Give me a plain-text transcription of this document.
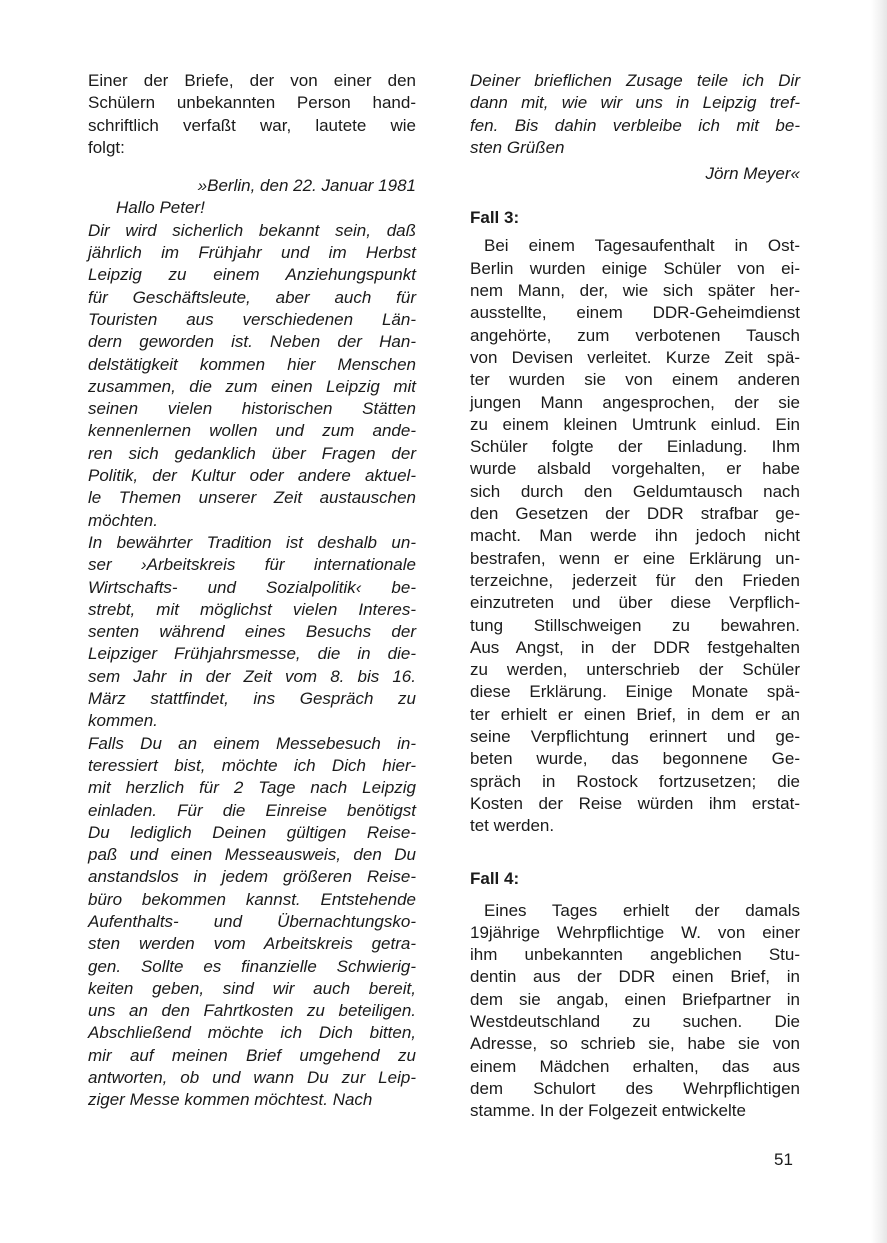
Einer der Briefe, der von einer den
Schülern unbekannten Person hand-
schriftlich verfaßt war, lautete wie
folgt:
»Berlin, den 22. Januar 1981
Hallo Peter!
Dir wird sicherlich bekannt sein, daß
jährlich im Frühjahr und im Herbst
Leipzig zu einem Anziehungspunkt
für Geschäftsleute, aber auch für
Touristen aus verschiedenen Län-
dern geworden ist. Neben der Han-
delstätigkeit kommen hier Menschen
zusammen, die zum einen Leipzig mit
seinen vielen historischen Stätten
kennenlernen wollen und zum ande-
ren sich gedanklich über Fragen der
Politik, der Kultur oder andere aktuel-
le Themen unserer Zeit austauschen
möchten.
In bewährter Tradition ist deshalb un-
ser ›Arbeitskreis für internationale
Wirtschafts- und Sozialpolitik‹ be-
strebt, mit möglichst vielen Interes-
senten während eines Besuchs der
Leipziger Frühjahrsmesse, die in die-
sem Jahr in der Zeit vom 8. bis 16.
März stattfindet, ins Gespräch zu
kommen.
Falls Du an einem Messebesuch in-
teressiert bist, möchte ich Dich hier-
mit herzlich für 2 Tage nach Leipzig
einladen. Für die Einreise benötigst
Du lediglich Deinen gültigen Reise-
paß und einen Messeausweis, den Du
anstandslos in jedem größeren Reise-
büro bekommen kannst. Entstehende
Aufenthalts- und Übernachtungsko-
sten werden vom Arbeitskreis getra-
gen. Sollte es finanzielle Schwierig-
keiten geben, sind wir auch bereit,
uns an den Fahrtkosten zu beteiligen.
Abschließend möchte ich Dich bitten,
mir auf meinen Brief umgehend zu
antworten, ob und wann Du zur Leip-
ziger Messe kommen möchtest. Nach
Deiner brieflichen Zusage teile ich Dir
dann mit, wie wir uns in Leipzig tref-
fen. Bis dahin verbleibe ich mit be-
sten Grüßen
Jörn Meyer«
Fall 3:
Bei einem Tagesaufenthalt in Ost-
Berlin wurden einige Schüler von ei-
nem Mann, der, wie sich später her-
ausstellte, einem DDR-Geheimdienst
angehörte, zum verbotenen Tausch
von Devisen verleitet. Kurze Zeit spä-
ter wurden sie von einem anderen
jungen Mann angesprochen, der sie
zu einem kleinen Umtrunk einlud. Ein
Schüler folgte der Einladung. Ihm
wurde alsbald vorgehalten, er habe
sich durch den Geldumtausch nach
den Gesetzen der DDR strafbar ge-
macht. Man werde ihn jedoch nicht
bestrafen, wenn er eine Erklärung un-
terzeichne, jederzeit für den Frieden
einzutreten und über diese Verpflich-
tung Stillschweigen zu bewahren.
Aus Angst, in der DDR festgehalten
zu werden, unterschrieb der Schüler
diese Erklärung. Einige Monate spä-
ter erhielt er einen Brief, in dem er an
seine Verpflichtung erinnert und ge-
beten wurde, das begonnene Ge-
spräch in Rostock fortzusetzen; die
Kosten der Reise würden ihm erstat-
tet werden.
Fall 4:
Eines Tages erhielt der damals
19jährige Wehrpflichtige W. von einer
ihm unbekannten angeblichen Stu-
dentin aus der DDR einen Brief, in
dem sie angab, einen Briefpartner in
Westdeutschland zu suchen. Die
Adresse, so schrieb sie, habe sie von
einem Mädchen erhalten, das aus
dem Schulort des Wehrpflichtigen
stamme. In der Folgezeit entwickelte
51
